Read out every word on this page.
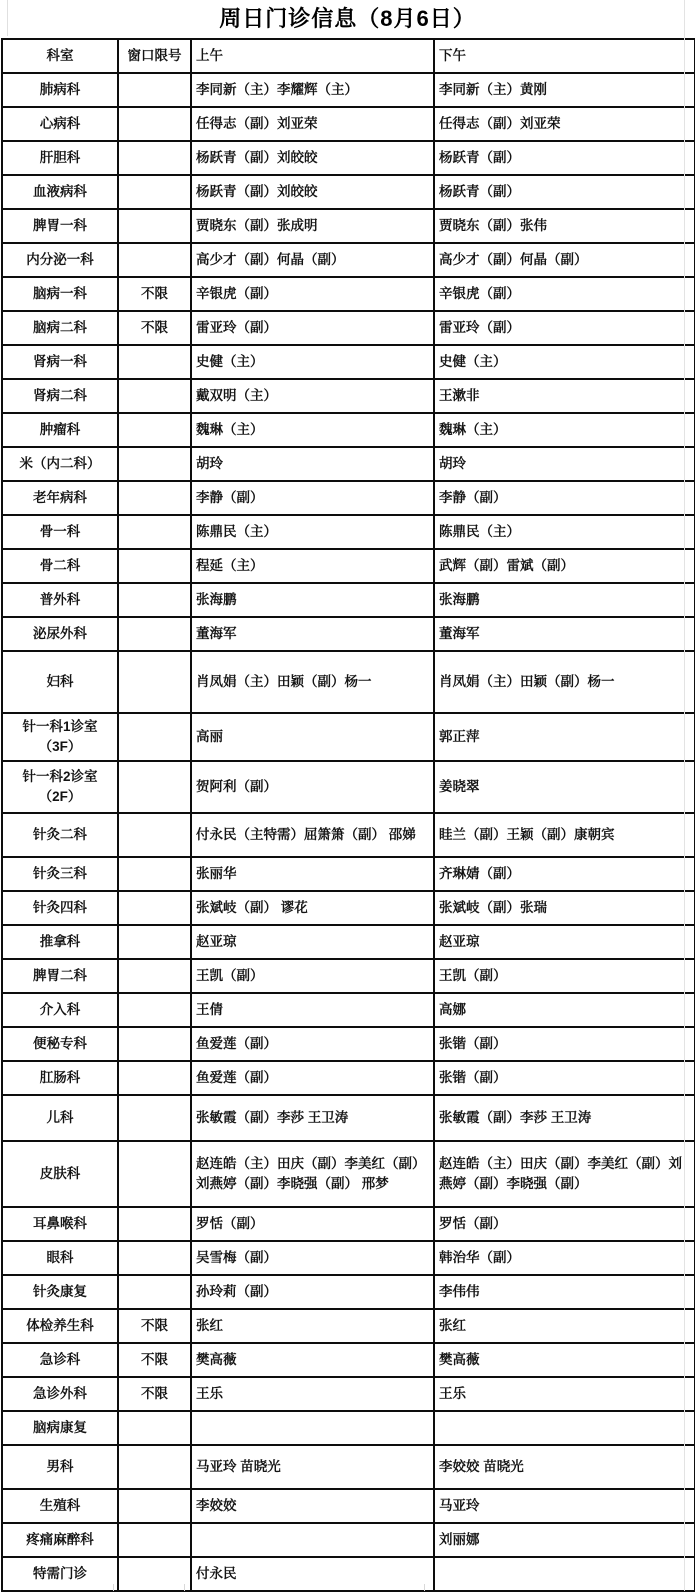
周日门诊信息（8月6日）
科室	窗口限号	上午	下午
肺病科		李同新（主）李耀辉（主）	李同新（主）黄刚
心病科		任得志（副）刘亚荣	任得志（副）刘亚荣
肝胆科		杨跃青（副）刘皎皎	杨跃青（副）
血液病科		杨跃青（副）刘皎皎	杨跃青（副）
脾胃一科		贾晓东（副）张成明	贾晓东（副）张伟
内分泌一科		高少才（副）何晶（副）	高少才（副）何晶（副）
脑病一科	不限	辛银虎（副）	辛银虎（副）
脑病二科	不限	雷亚玲（副）	雷亚玲（副）
肾病一科		史健（主）	史健（主）
肾病二科		戴双明（主）	王漱非
肿瘤科		魏琳（主）	魏琳（主）
米（内二科）		胡玲	胡玲
老年病科		李静（副）	李静（副）
骨一科		陈鼎民（主）	陈鼎民（主）
骨二科		程延（主）	武辉（副）雷斌（副）
普外科		张海鹏	张海鹏
泌尿外科		董海军	董海军
妇科		肖凤娟（主）田颖（副）杨一	肖凤娟（主）田颖（副）杨一
针一科1诊室（3F）		高丽	郭正萍
针一科2诊室（2F）		贺阿利（副）	姜晓翠
针灸二科		付永民（主特需）屈箫箫（副） 邵娣	眭兰（副）王颖（副）康朝宾
针灸三科		张丽华	齐琳婧（副）
针灸四科		张斌岐（副） 谬花	张斌岐（副）张瑞
推拿科		赵亚琼	赵亚琼
脾胃二科		王凯（副）	王凯（副）
介入科		王倩	高娜
便秘专科		鱼爱莲（副）	张锴（副）
肛肠科		鱼爱莲（副）	张锴（副）
儿科		张敏霞（副）李莎 王卫涛	张敏霞（副）李莎 王卫涛
皮肤科		赵连皓（主）田庆（副）李美红（副）刘燕婷（副）李晓强（副） 邢梦	赵连皓（主）田庆（副）李美红（副）刘燕婷（副）李晓强（副）
耳鼻喉科		罗恬（副）	罗恬（副）
眼科		吴雪梅（副）	韩治华（副）
针灸康复		孙玲莉（副）	李伟伟
体检养生科	不限	张红	张红
急诊科	不限	樊高薇	樊高薇
急诊外科	不限	王乐	王乐
脑病康复			
男科		马亚玲 苗晓光	李姣姣 苗晓光
生殖科		李姣姣	马亚玲
疼痛麻醉科			刘丽娜
特需门诊		付永民	
